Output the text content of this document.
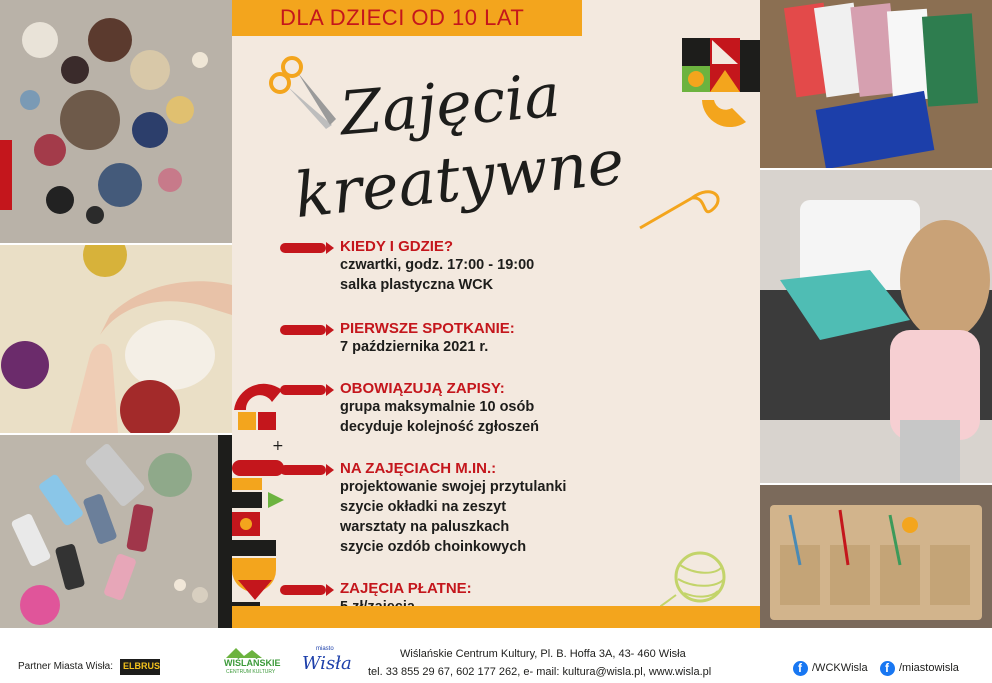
DLA DZIECI OD 10 LAT
Zajęcia
kreatywne
KIEDY I GDZIE?
czwartki, godz. 17:00 - 19:00
salka plastyczna WCK
PIERWSZE SPOTKANIE:
7 października 2021 r.
OBOWIĄZUJĄ ZAPISY:
grupa maksymalnie 10 osób
decyduje kolejność zgłoszeń
NA ZAJĘCIACH M.IN.:
projektowanie swojej przytulanki
szycie okładki na zeszyt
warsztaty na paluszkach
szycie ozdób choinkowych
ZAJĘCIA PŁATNE:
+
Partner Miasta Wisła: ELBRUS	WIŚLAŃSKIE
CENTRUM KULTURY
miasto
Wisła	Wiślańskie Centrum Kultury, Pl. B. Hoffa 3A, 43- 460 Wisła
tel. 33 855 29 67, 602 177 262, e- mail: kultura@wisla.pl, www.wisla.pl	f /WCKWisla f /miastowisla
